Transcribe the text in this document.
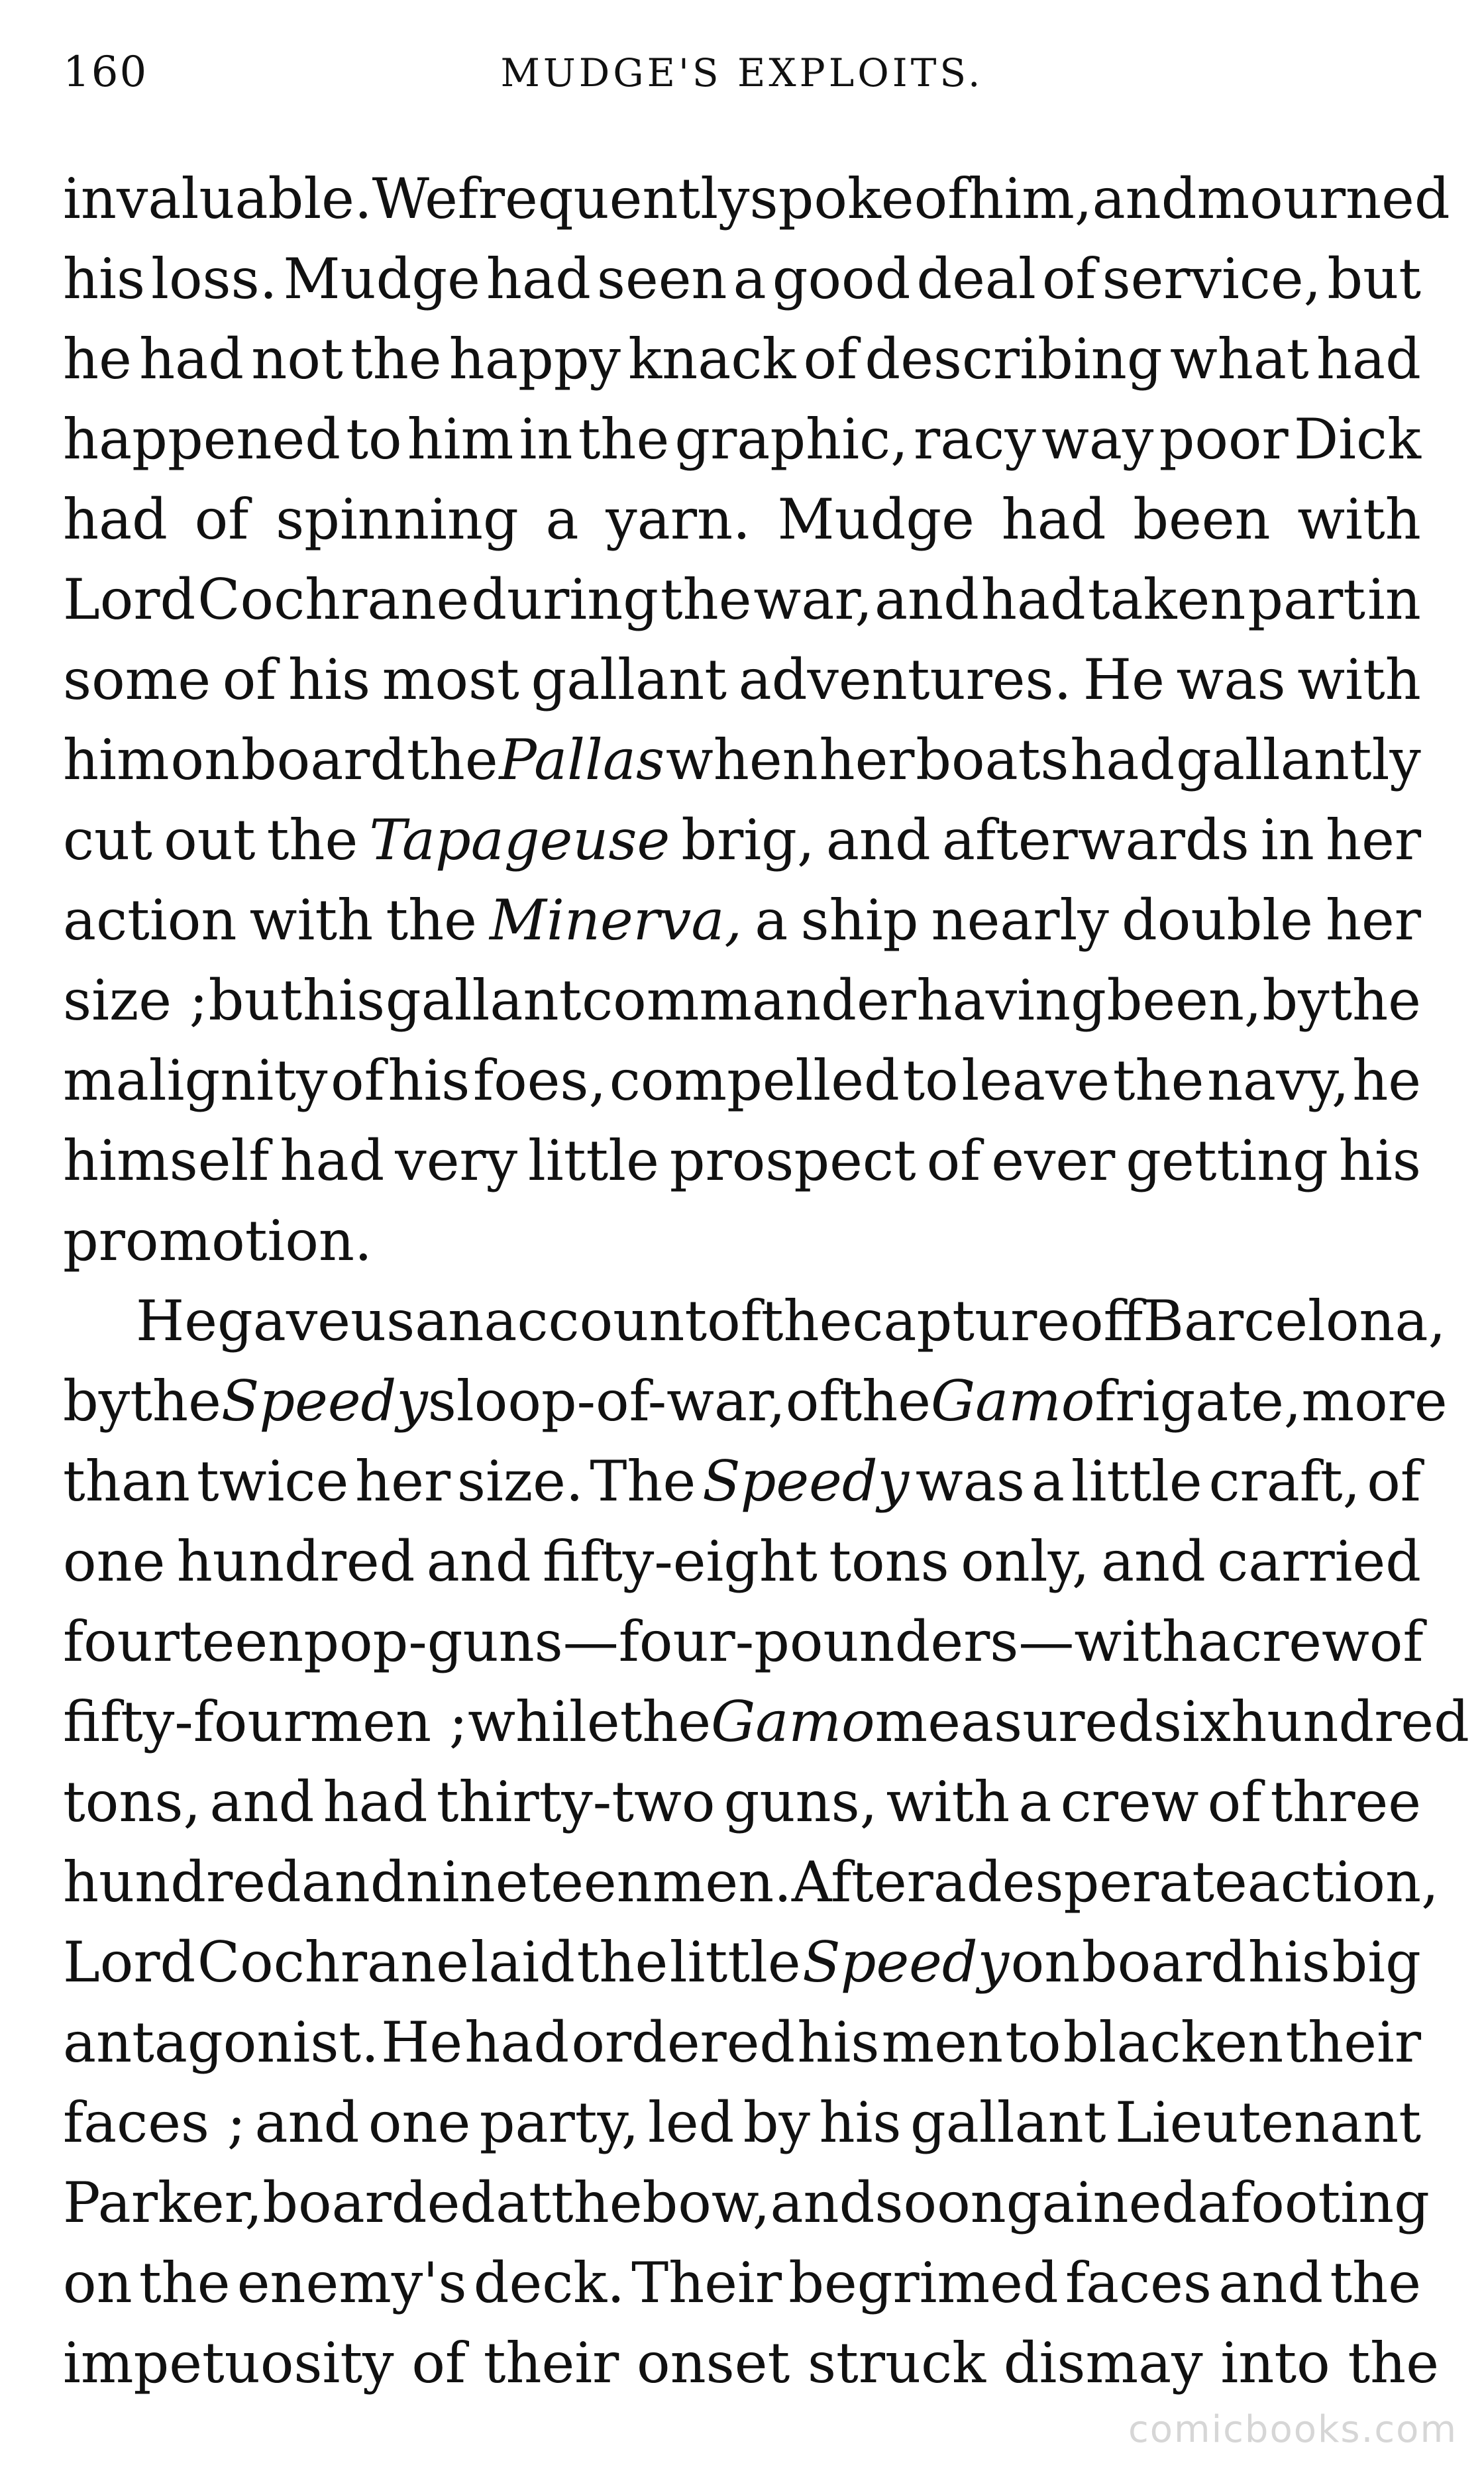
160	MUDGE'S EXPLOITS.
invaluable. We frequently spoke of him, and mourned
his loss. Mudge had seen a good deal of service, but
he had not the happy knack of describing what had
happened to him in the graphic, racy way poor Dick
had of spinning a yarn. Mudge had been with
Lord Cochrane during the war, and had taken part in
some of his most gallant adventures. He was with
him on board the Pallas when her boats had gallantly
cut out the Tapageuse brig, and afterwards in her
action with the Minerva, a ship nearly double her
size ; but his gallant commander having been, by the
malignity of his foes, compelled to leave the navy, he
himself had very little prospect of ever getting his
promotion.
He gave us an account of the capture off Barcelona,
by the Speedy sloop-of-war, of the Gamo frigate, more
than twice her size. The Speedy was a little craft, of
one hundred and fifty-eight tons only, and carried
fourteen pop-guns—four-pounders—with a crew of
fifty-four men ; while the Gamo measured six hundred
tons, and had thirty-two guns, with a crew of three
hundred and nineteen men. After a desperate action,
Lord Cochrane laid the little Speedy on board his big
antagonist. He had ordered his men to blacken their
faces ; and one party, led by his gallant Lieutenant
Parker, boarded at the bow, and soon gained a footing
on the enemy's deck. Their begrimed faces and the
impetuosity
of
their
onset
struck
dismay
into
the
comicbooks.com
